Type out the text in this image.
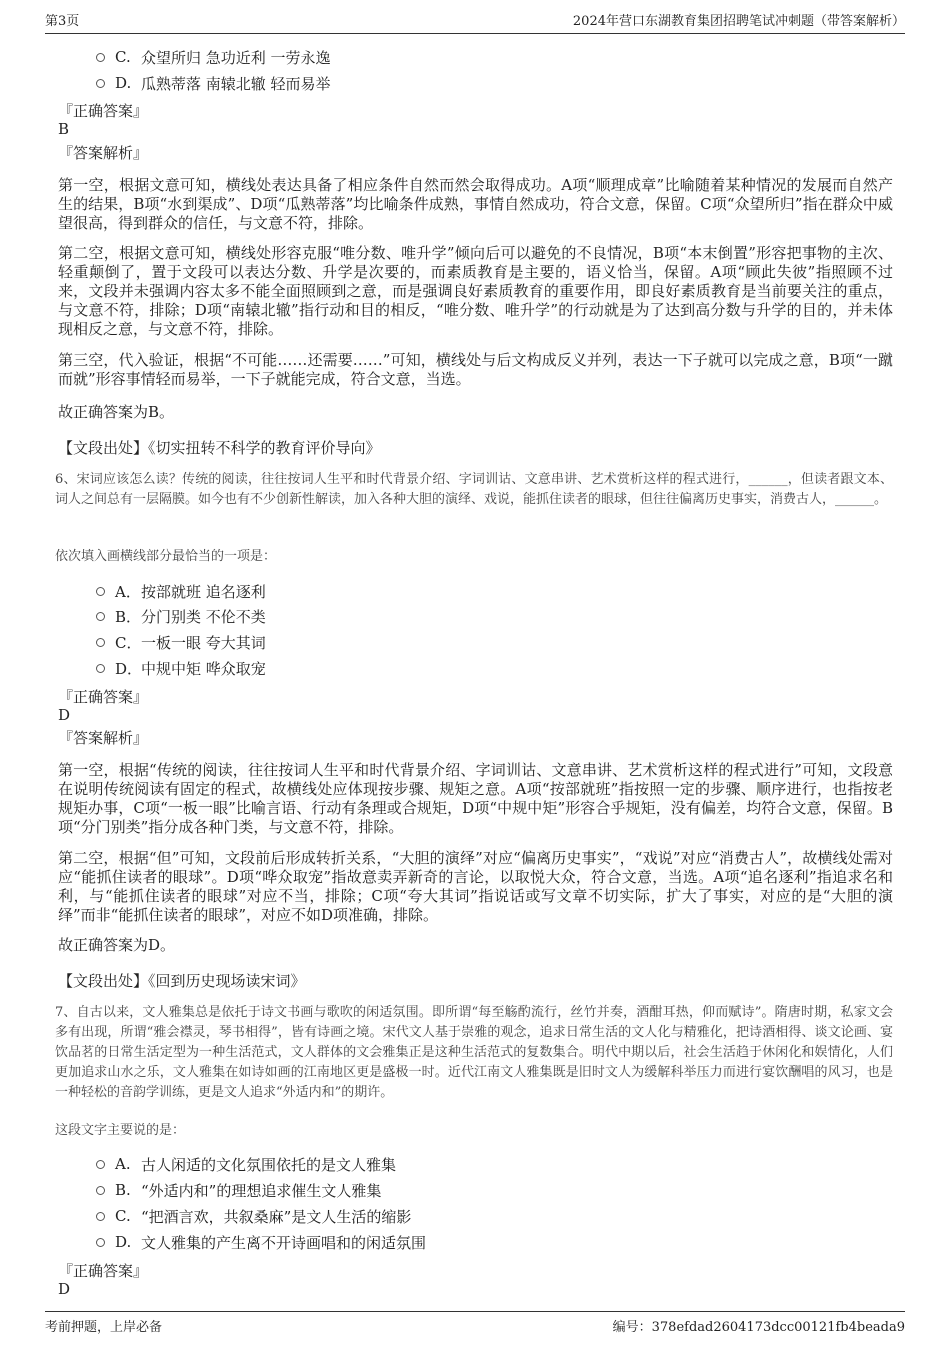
第3页	2024年营口东湖教育集团招聘笔试冲刺题（带答案解析）
C. 众望所归 急功近利 一劳永逸
D. 瓜熟蒂落 南辕北辙 轻而易举
『正确答案』
B
『答案解析』
第一空，根据文意可知，横线处表达具备了相应条件自然而然会取得成功。A项“顺理成章”比喻随着某种情况的发展而自然产生的结果，B项“水到渠成”、D项“瓜熟蒂落”均比喻条件成熟，事情自然成功，符合文意，保留。C项“众望所归”指在群众中威望很高，得到群众的信任，与文意不符，排除。
第二空，根据文意可知，横线处形容克服“唯分数、唯升学”倾向后可以避免的不良情况，B项“本末倒置”形容把事物的主次、轻重颠倒了，置于文段可以表达分数、升学是次要的，而素质教育是主要的，语义恰当，保留。A项“顾此失彼”指照顾不过来，文段并未强调内容太多不能全面照顾到之意，而是强调良好素质教育的重要作用，即良好素质教育是当前要关注的重点，与文意不符，排除；D项“南辕北辙”指行动和目的相反，“唯分数、唯升学”的行动就是为了达到高分数与升学的目的，并未体现相反之意，与文意不符，排除。
第三空，代入验证，根据“不可能……还需要……”可知，横线处与后文构成反义并列，表达一下子就可以完成之意，B项“一蹴而就”形容事情轻而易举，一下子就能完成，符合文意，当选。
故正确答案为B。
【文段出处】《切实扭转不科学的教育评价导向》
6、宋词应该怎么读？传统的阅读，往往按词人生平和时代背景介绍、字词训诂、文意串讲、艺术赏析这样的程式进行，______，但读者跟文本、词人之间总有一层隔膜。如今也有不少创新性解读，加入各种大胆的演绎、戏说，能抓住读者的眼球，但往往偏离历史事实，消费古人，______。
依次填入画横线部分最恰当的一项是：
A． 按部就班 追名逐利
B． 分门别类 不伦不类
C． 一板一眼 夸大其词
D．
中规中矩 哗众取宠
『正确答案』
D
『答案解析』
第一空，根据“传统的阅读，往往按词人生平和时代背景介绍、字词训诂、文意串讲、艺术赏析这样的程式进行”可知，文段意在说明传统阅读有固定的程式，故横线处应体现按步骤、规矩之意。A项“按部就班”指按照一定的步骤、顺序进行，也指按老规矩办事，C项“一板一眼”比喻言语、行动有条理或合规矩，D项“中规中矩”形容合乎规矩，没有偏差，均符合文意，保留。B项“分门别类”指分成各种门类，与文意不符，排除。
第二空，根据“但”可知，文段前后形成转折关系，“大胆的演绎”对应“偏离历史事实”，“戏说”对应“消费古人”，故横线处需对应“能抓住读者的眼球”。D项“哗众取宠”指故意卖弄新奇的言论，以取悦大众，符合文意，当选。A项“追名逐利”指追求名和利，与“能抓住读者的眼球”对应不当，排除；C项“夸大其词”指说话或写文章不切实际，扩大了事实，对应的是“大胆的演绎”而非“能抓住读者的眼球”，对应不如D项准确，排除。
故正确答案为D。
【文段出处】《回到历史现场读宋词》
7、自古以来，文人雅集总是依托于诗文书画与歌吹的闲适氛围。即所谓“每至觞酌流行，丝竹并奏，酒酣耳热，仰而赋诗”。隋唐时期，私家文会多有出现，所谓“雅会襟灵，琴书相得”，皆有诗画之境。宋代文人基于崇雅的观念，追求日常生活的文人化与精雅化，把诗酒相得、谈文论画、宴饮品茗的日常生活定型为一种生活范式，文人群体的文会雅集正是这种生活范式的复数集合。明代中期以后，社会生活趋于休闲化和娱情化，人们更加追求山水之乐，文人雅集在如诗如画的江南地区更是盛极一时。近代江南文人雅集既是旧时文人为缓解科举压力而进行宴饮酬唱的风习，也是一种轻松的音韵学训练，更是文人追求“外适内和”的期许。
这段文字主要说的是：
A. 古人闲适的文化氛围依托的是文人雅集
B. “外适内和”的理想追求催生文人雅集
C. “把酒言欢，共叙桑麻”是文人生活的缩影
D. 文人雅集的产生离不开诗画唱和的闲适氛围
『正确答案』
D
考前押题，上岸必备	编号：378efdad2604173dcc00121fb4beada9
